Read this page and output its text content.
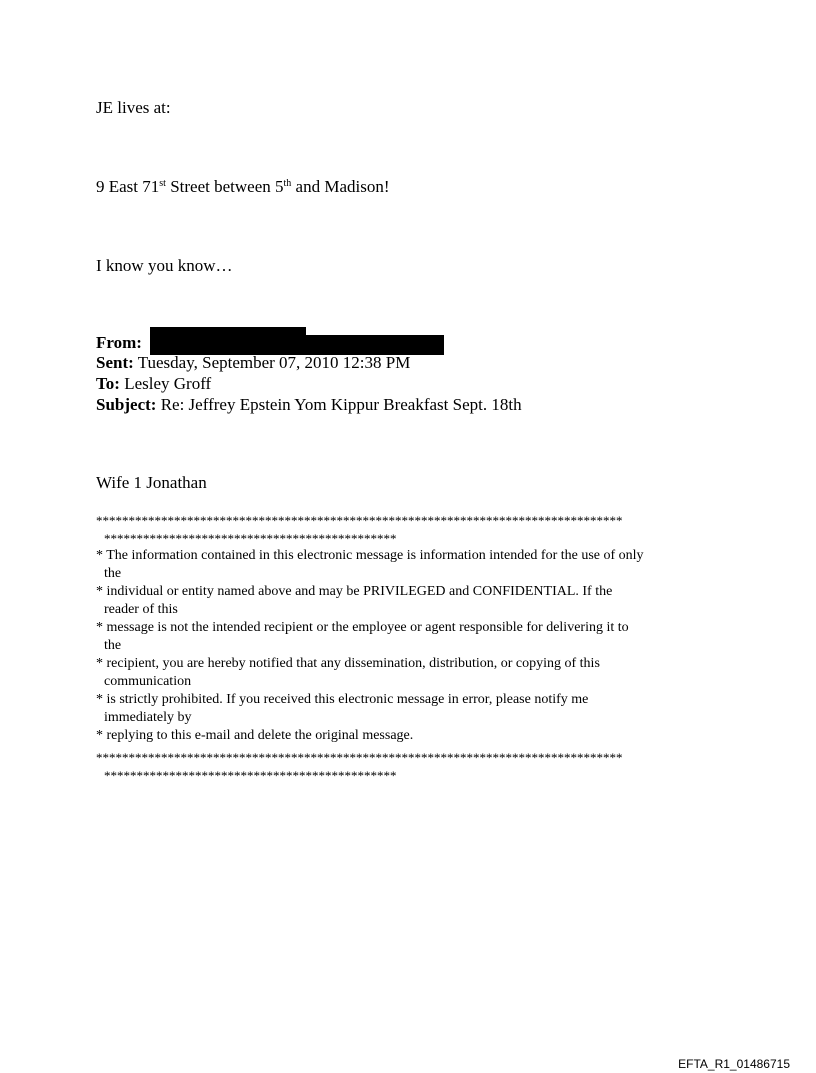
JE lives at:
9 East 71st Street between 5th and Madison!
I know you know…
From:
Sent: Tuesday, September 07, 2010 12:38 PM
To: Lesley Groff
Subject: Re: Jeffrey Epstein Yom Kippur Breakfast Sept. 18th
Wife 1 Jonathan
*********************************************************************************
*********************************************
* The information contained in this electronic message is information intended for the use of only
the
* individual or entity named above and may be PRIVILEGED and CONFIDENTIAL. If the
reader of this
* message is not the intended recipient or the employee or agent responsible for delivering it to
the
* recipient, you are hereby notified that any dissemination, distribution, or copying of this
communication
* is strictly prohibited. If you received this electronic message in error, please notify me
immediately by
* replying to this e-mail and delete the original message.
*********************************************************************************
*********************************************
EFTA_R1_01486715
